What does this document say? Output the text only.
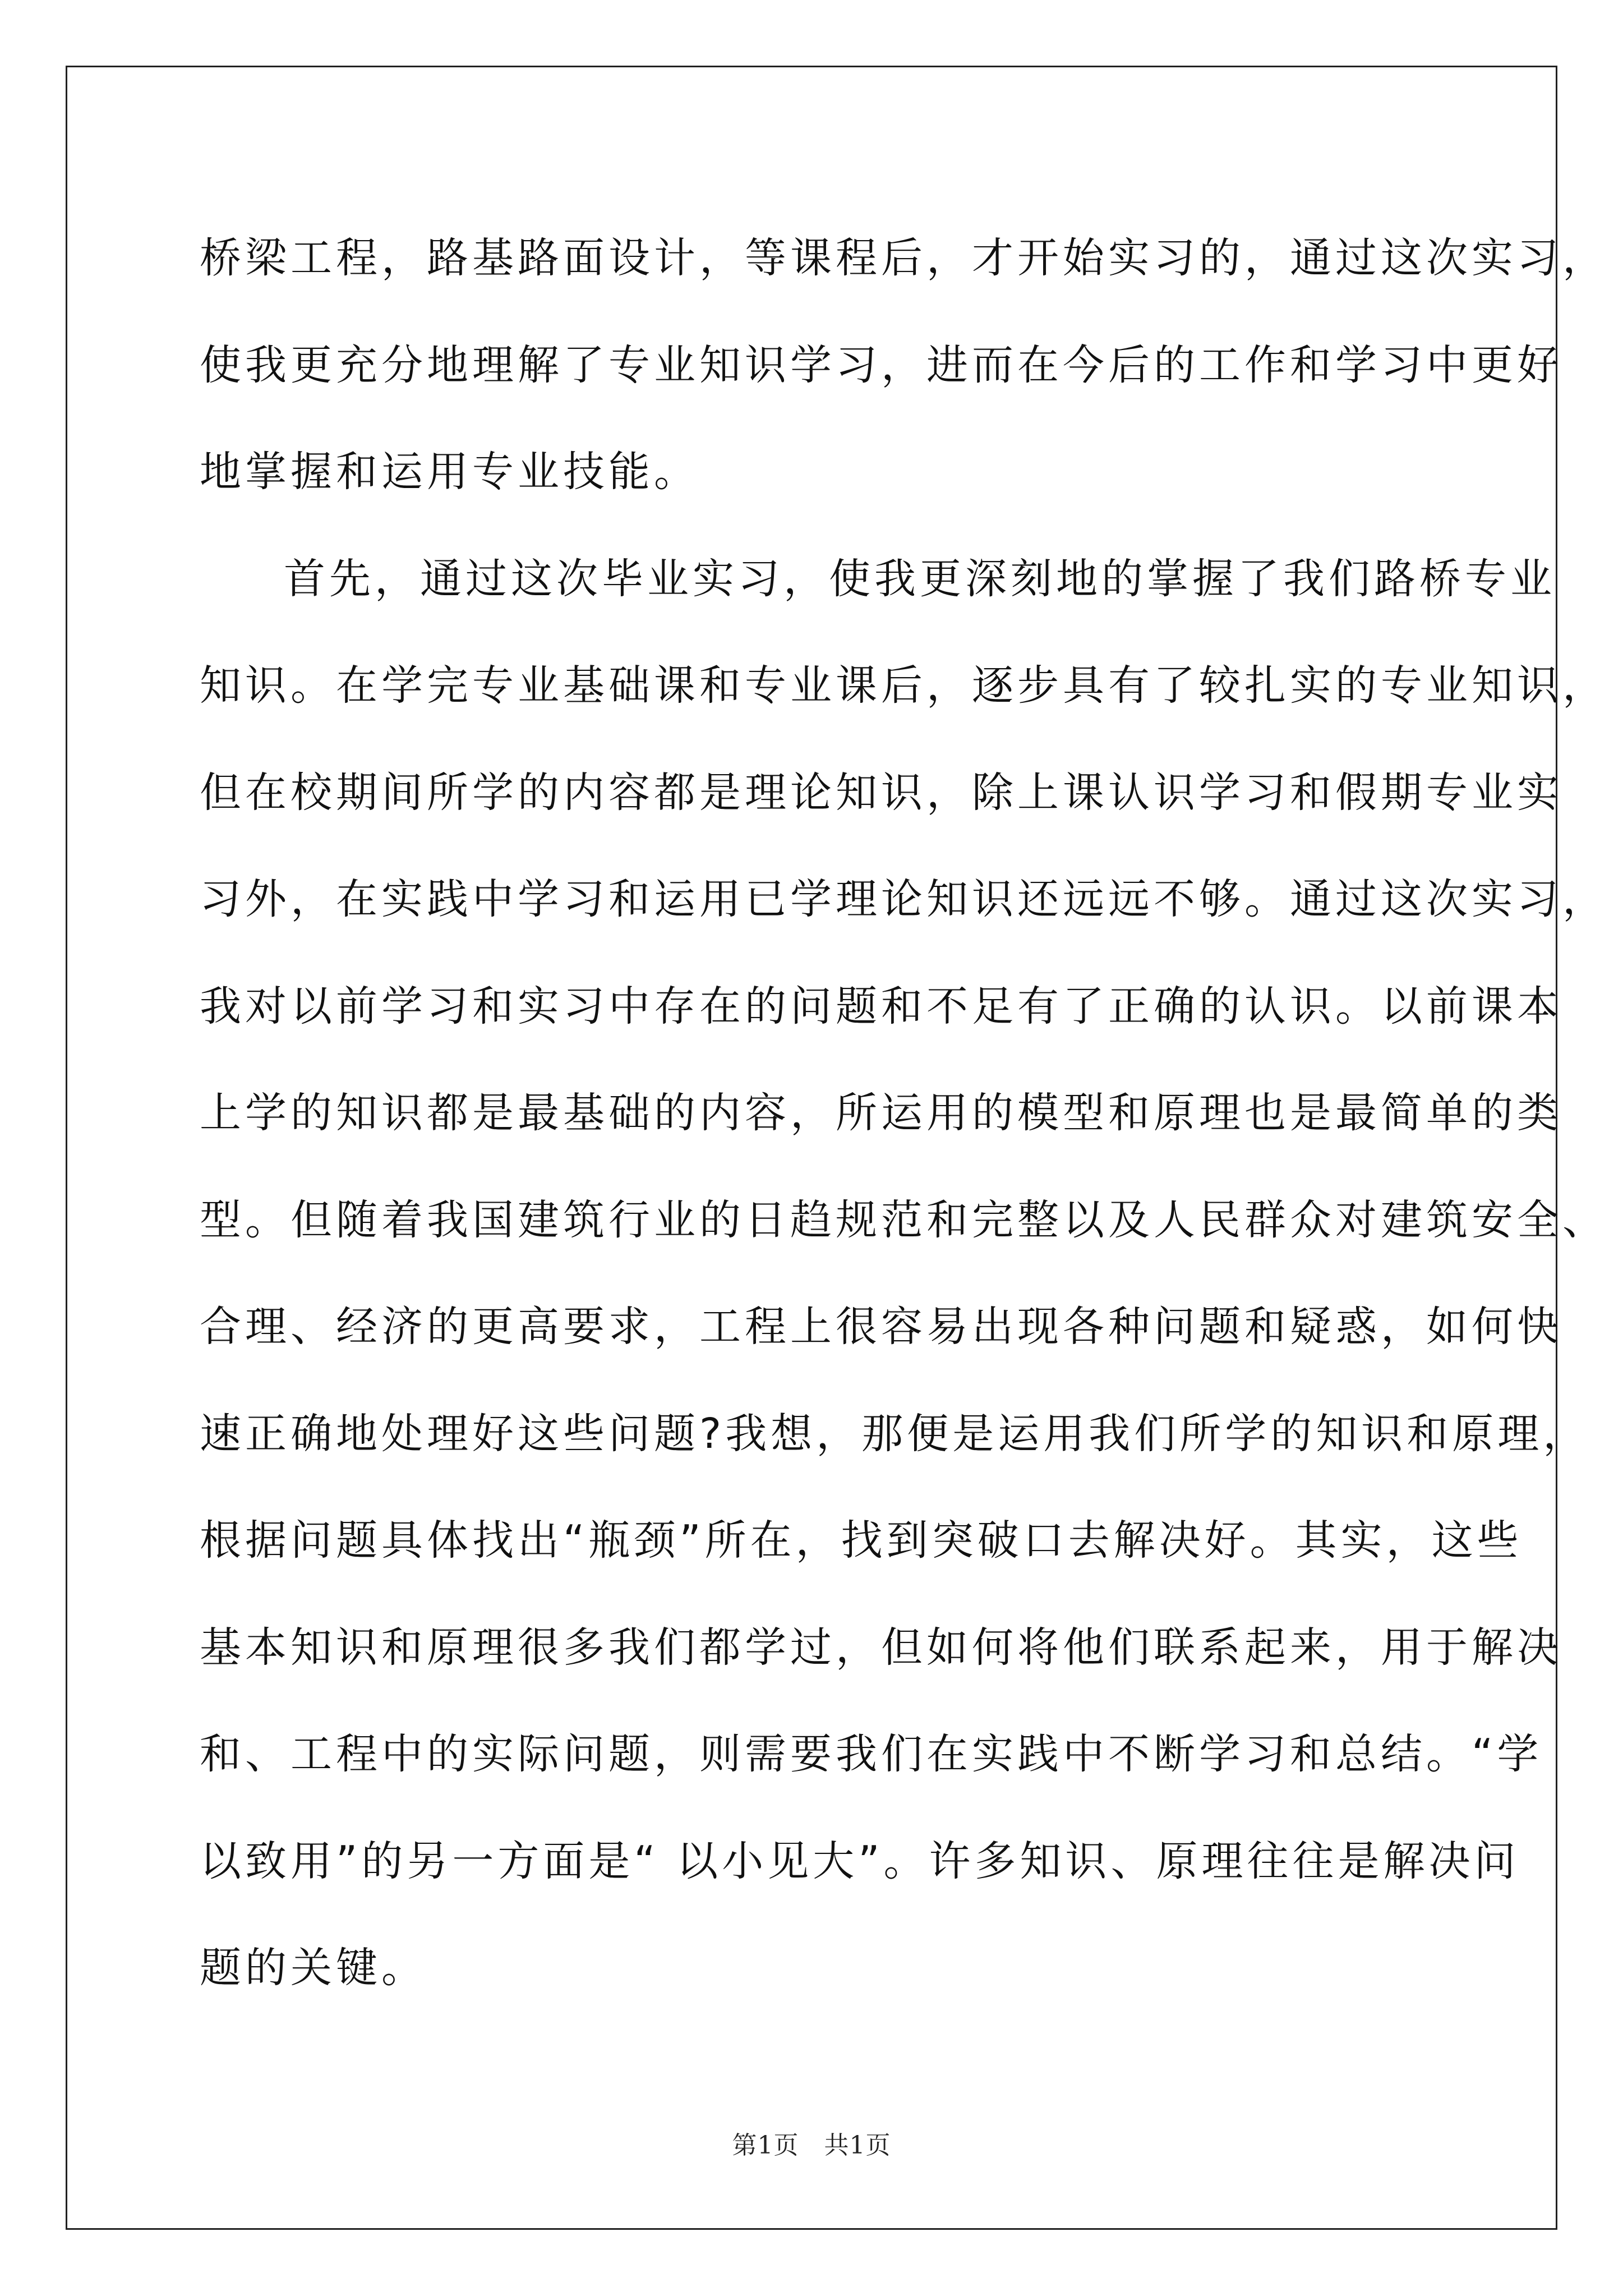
桥梁工程，路基路面设计，等课程后，才开始实习的，通过这次实习，
使我更充分地理解了专业知识学习，进而在今后的工作和学习中更好
地掌握和运用专业技能。
首先，通过这次毕业实习，使我更深刻地的掌握了我们路桥专业
知识。在学完专业基础课和专业课后，逐步具有了较扎实的专业知识，
但在校期间所学的内容都是理论知识，除上课认识学习和假期专业实
习外，在实践中学习和运用已学理论知识还远远不够。通过这次实习，
我对以前学习和实习中存在的问题和不足有了正确的认识。以前课本
上学的知识都是最基础的内容，所运用的模型和原理也是最简单的类
型。但随着我国建筑行业的日趋规范和完整以及人民群众对建筑安全、
合理、经济的更高要求，工程上很容易出现各种问题和疑惑，如何快
速正确地处理好这些问题?我想，那便是运用我们所学的知识和原理，
根据问题具体找出“瓶颈”所在，找到突破口去解决好。其实，这些
基本知识和原理很多我们都学过，但如何将他们联系起来，用于解决
和、工程中的实际问题，则需要我们在实践中不断学习和总结。“学
以致用”的另一方面是“ 以小见大”。许多知识、原理往往是解决问
题的关键。
第1页　共1页
